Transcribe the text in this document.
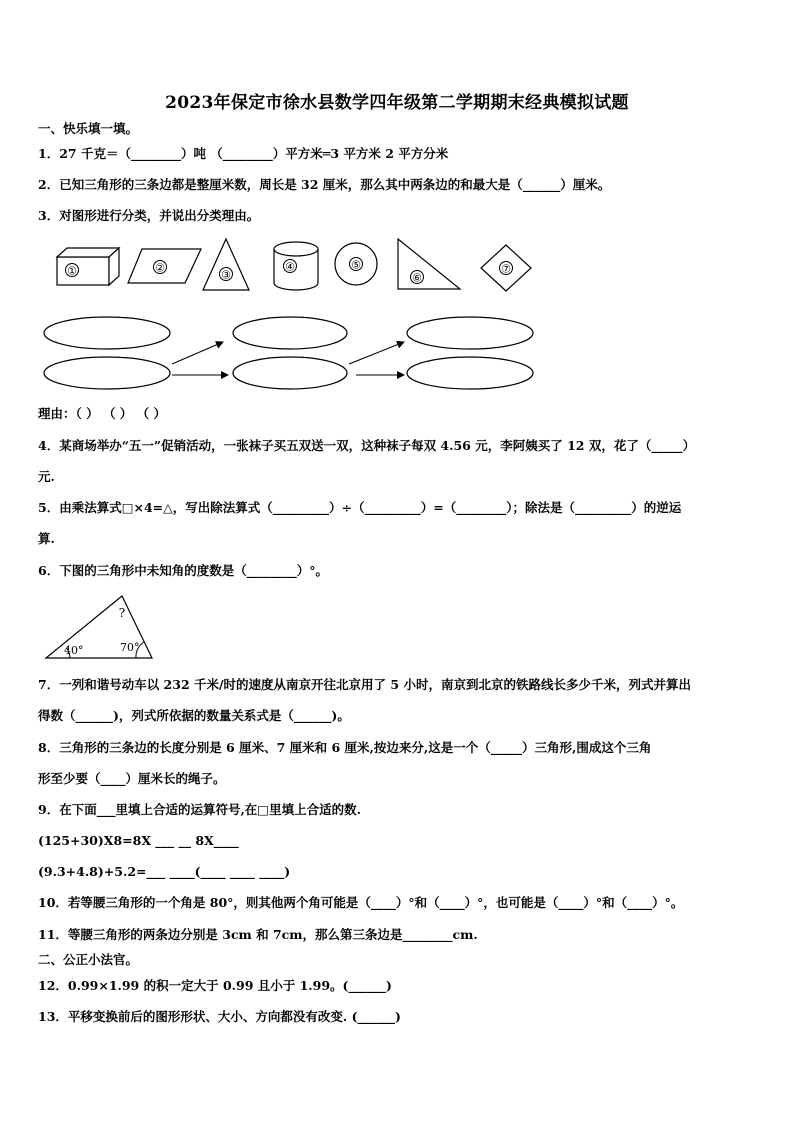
2023年保定市徐水县数学四年级第二学期期末经典模拟试题
一、快乐填一填。
1．27 千克＝（________）吨 （________）平方米═3 平方米 2 平方分米
2．已知三角形的三条边都是整厘米数，周长是 32 厘米，那么其中两条边的和最大是（______）厘米。
3．对图形进行分类，并说出分类理由。
①	②
③
④	⑤
⑥
⑦
理由：（ ） （ ） （ ）
4．某商场举办“五一”促销活动，一张袜子买五双送一双，这种袜子每双 4.56 元，李阿姨买了 12 双，花了（_____）
元.
5．由乘法算式□×4=△，写出除法算式（_________）÷（_________）=（________）；除法是（_________）的逆运
算.
6．下图的三角形中未知角的度数是（________）°。
?
40°	70°
7．一列和谐号动车以 232 千米/时的速度从南京开往北京用了 5 小时，南京到北京的铁路线长多少千米，列式并算出
得数（______)，列式所依据的数量关系式是（______)。
8．三角形的三条边的长度分别是 6 厘米、7 厘米和 6 厘米,按边来分,这是一个（_____）三角形,围成这个三角
形至少要（____）厘米长的绳子。
9．在下面___里填上合适的运算符号,在□里填上合适的数.
(125+30)X8=8X ___ __ 8X____
(9.3+4.8)+5.2=___ ____(____ ____ ____)
10．若等腰三角形的一个角是 80°，则其他两个角可能是（____）°和（____）°，也可能是（____）°和（____）°。
11．等腰三角形的两条边分别是 3cm 和 7cm，那么第三条边是________cm.
二、公正小法官。
12．0.99×1.99 的积一定大于 0.99 且小于 1.99。(______)
13．平移变换前后的图形形状、大小、方向都没有改变. (______)
